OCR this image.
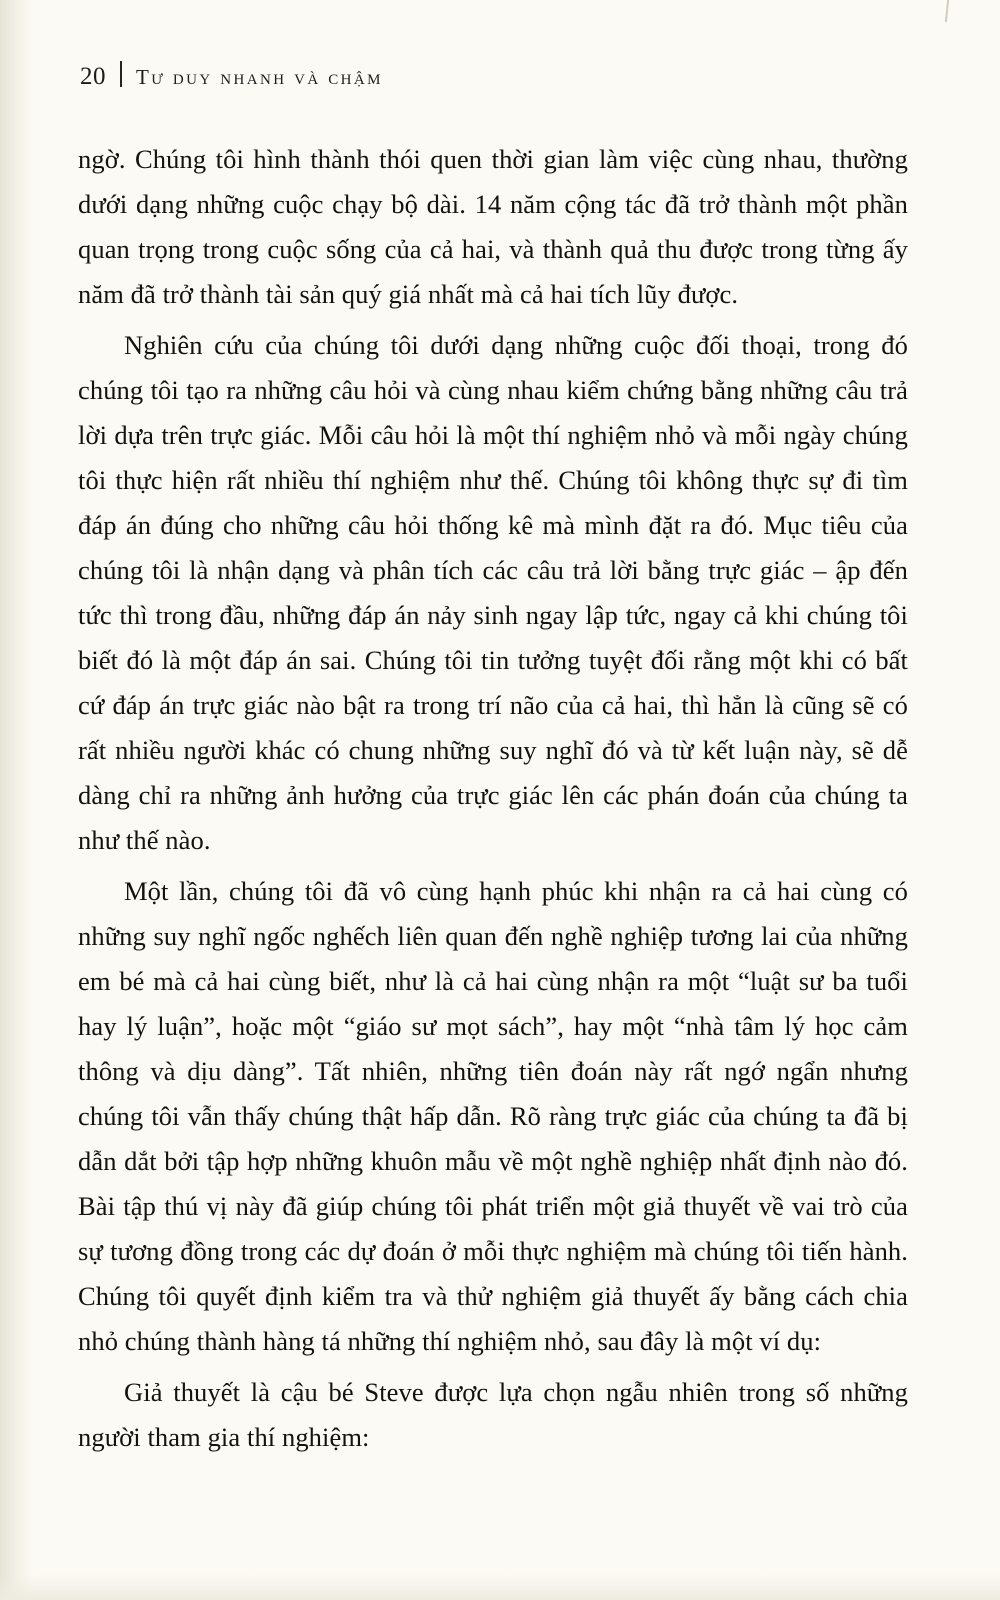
20 tư duy nhanh và chậm

ngờ. Chúng tôi hình thành thói quen thời gian làm việc cùng nhau, thường dưới dạng những cuộc chạy bộ dài. 14 năm cộng tác đã trở thành một phần quan trọng trong cuộc sống của cả hai, và thành quả thu được trong từng ấy năm đã trở thành tài sản quý giá nhất mà cả hai tích lũy được.

Nghiên cứu của chúng tôi dưới dạng những cuộc đối thoại, trong đó chúng tôi tạo ra những câu hỏi và cùng nhau kiểm chứng bằng những câu trả lời dựa trên trực giác. Mỗi câu hỏi là một thí nghiệm nhỏ và mỗi ngày chúng tôi thực hiện rất nhiều thí nghiệm như thế. Chúng tôi không thực sự đi tìm đáp án đúng cho những câu hỏi thống kê mà mình đặt ra đó. Mục tiêu của chúng tôi là nhận dạng và phân tích các câu trả lời bằng trực giác – ập đến tức thì trong đầu, những đáp án nảy sinh ngay lập tức, ngay cả khi chúng tôi biết đó là một đáp án sai. Chúng tôi tin tưởng tuyệt đối rằng một khi có bất cứ đáp án trực giác nào bật ra trong trí não của cả hai, thì hẳn là cũng sẽ có rất nhiều người khác có chung những suy nghĩ đó và từ kết luận này, sẽ dễ dàng chỉ ra những ảnh hưởng của trực giác lên các phán đoán của chúng ta như thế nào.

Một lần, chúng tôi đã vô cùng hạnh phúc khi nhận ra cả hai cùng có những suy nghĩ ngốc nghếch liên quan đến nghề nghiệp tương lai của những em bé mà cả hai cùng biết, như là cả hai cùng nhận ra một “luật sư ba tuổi hay lý luận”, hoặc một “giáo sư mọt sách”, hay một “nhà tâm lý học cảm thông và dịu dàng”. Tất nhiên, những tiên đoán này rất ngớ ngẩn nhưng chúng tôi vẫn thấy chúng thật hấp dẫn. Rõ ràng trực giác của chúng ta đã bị dẫn dắt bởi tập hợp những khuôn mẫu về một nghề nghiệp nhất định nào đó. Bài tập thú vị này đã giúp chúng tôi phát triển một giả thuyết về vai trò của sự tương đồng trong các dự đoán ở mỗi thực nghiệm mà chúng tôi tiến hành. Chúng tôi quyết định kiểm tra và thử nghiệm giả thuyết ấy bằng cách chia nhỏ chúng thành hàng tá những thí nghiệm nhỏ, sau đây là một ví dụ:

Giả thuyết là cậu bé Steve được lựa chọn ngẫu nhiên trong số những người tham gia thí nghiệm:
